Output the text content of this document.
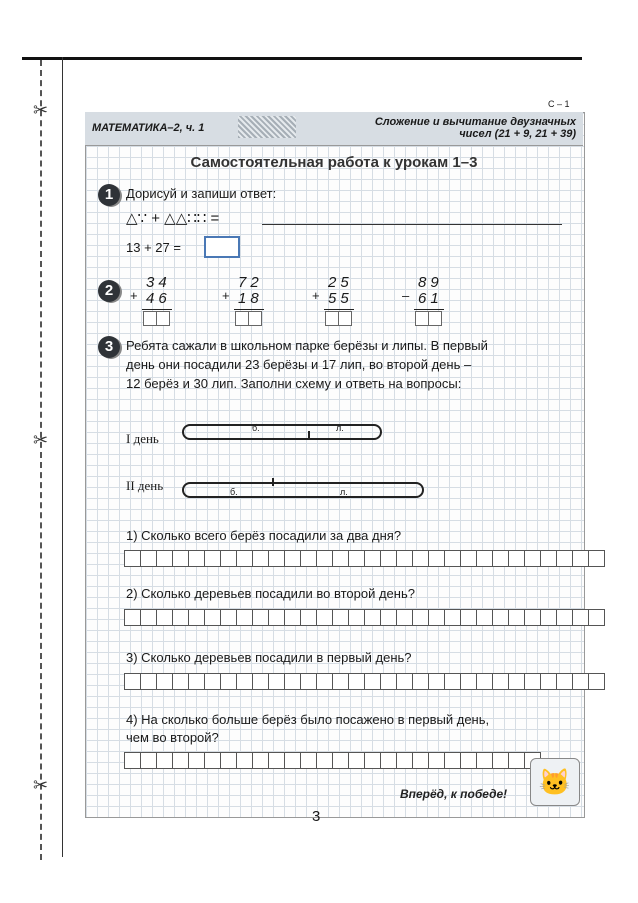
✂
✂
✂
С – 1
МАТЕМАТИКА–2, ч. 1	Сложение и вычитание двузначных
чисел (21 + 9, 21 + 39)
Самостоятельная работа к урокам 1–3
1 Дорисуй и запиши ответ:
△∵ + △△∷∷ =
13 + 27 =
2	+
34
46	+
72
18	+
25
55	–
89
61
3 Ребята сажали в школьном парке берёзы и липы. В первый
день они посадили 23 берёзы и 17 лип, во второй день –
12 берёз и 30 лип. Заполни схему и ответь на вопросы:
I день
б.	л.
II день	б.	л.
1) Сколько всего берёз посадили за два дня?
2) Сколько деревьев посадили во второй день?
3) Сколько деревьев посадили в первый день?
4) На сколько больше берёз было посажено в первый день,
чем во второй?
🐱
Вперёд, к победе!
3
